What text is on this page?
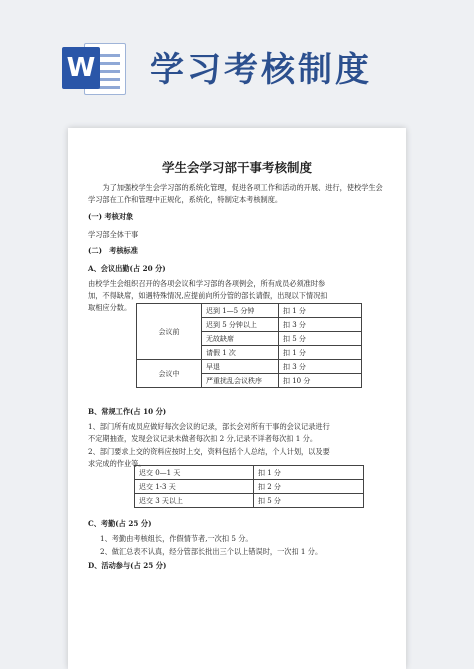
W 学习考核制度
学生会学习部干事考核制度
为了加强校学生会学习部的系统化管理，促进各项工作和活动的开展、进行，使校学生会学习部在工作和管理中正规化，系统化，特制定本考核制度。
(一) 考核对象
学习部全体干事
(二)　考核标准
A、会议出勤(占 20 分)
由校学生会组织召开的各项会议和学习部的各项例会，所有成员必须准时参
加，不得缺席，如遇特殊情况,应提前向所分管的部长请假，出现以下情况扣
取相应分数。
会议前	迟到 1—5 分钟	扣 1 分
	迟到 5 分钟以上	扣 3 分
	无故缺席	扣 5 分
	请假 1 次	扣 1 分
会议中	早退	扣 3 分
	严重扰乱会议秩序	扣 10 分
B、常规工作(占 10 分)
1、部门所有成员应做好每次会议的记录，部长会对所有干事的会议记录进行
不定期抽查，发现会议记录未做者每次扣 2 分,记录不详者每次扣 1 分。
2、部门要求上交的资料应按时上交，资料包括个人总结，个人计划，以及要
求完成的作业等。
迟交 0—1 天	扣 1 分
迟交 1-3 天	扣 2 分
迟交 3 天以上	扣 5 分
C、考勤(占 25 分)
1、考勤由考核组长，作假情节者,一次扣 5 分。
2、做汇总表不认真，经分管部长批出三个以上错误时，一次扣 1 分。
D、活动参与(占 25 分)
